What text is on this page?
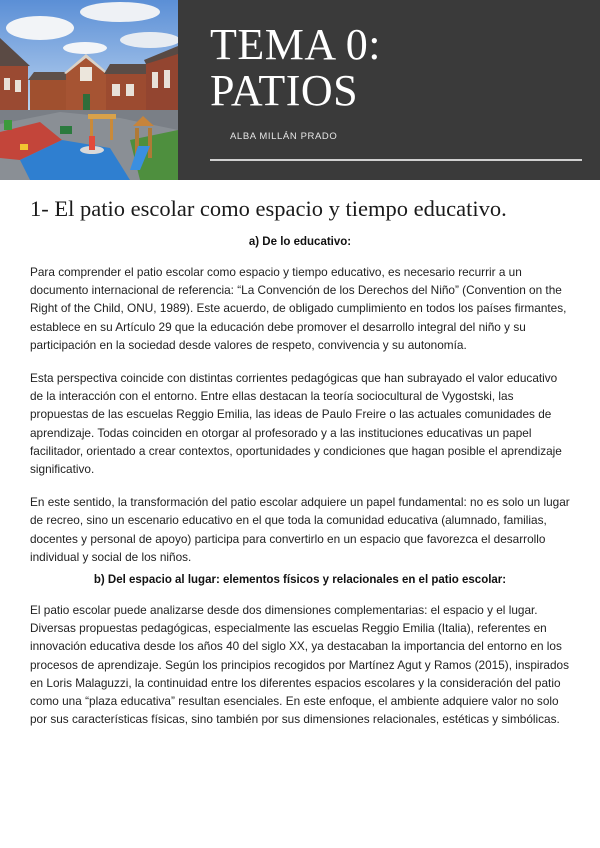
TEMA 0:
PATIOS
ALBA MILLÁN PRADO
1- El patio escolar como espacio y tiempo educativo.
a) De lo educativo:

Para comprender el patio escolar como espacio y tiempo educativo, es necesario recurrir a un documento internacional de referencia: “La Convención de los Derechos del Niño” (Convention on the Right of the Child, ONU, 1989). Este acuerdo, de obligado cumplimiento en todos los países firmantes, establece en su Artículo 29 que la educación debe promover el desarrollo integral del niño y su participación en la sociedad desde valores de respeto, convivencia y su autonomía.

Esta perspectiva coincide con distintas corrientes pedagógicas que han subrayado el valor educativo de la interacción con el entorno. Entre ellas destacan la teoría sociocultural de Vygostski, las propuestas de las escuelas Reggio Emilia, las ideas de Paulo Freire o las actuales comunidades de aprendizaje. Todas coinciden en otorgar al profesorado y a las instituciones educativas un papel facilitador, orientado a crear contextos, oportunidades y condiciones que hagan posible el aprendizaje significativo.

En este sentido, la transformación del patio escolar adquiere un papel fundamental: no es solo un lugar de recreo, sino un escenario educativo en el que toda la comunidad educativa (alumnado, familias, docentes y personal de apoyo) participa para convertirlo en un espacio que favorezca el desarrollo individual y social de los niños.

b) Del espacio al lugar: elementos físicos y relacionales en el patio escolar:

El patio escolar puede analizarse desde dos dimensiones complementarias: el espacio y el lugar. Diversas propuestas pedagógicas, especialmente las escuelas Reggio Emilia (Italia), referentes en innovación educativa desde los años 40 del siglo XX, ya destacaban la importancia del entorno en los procesos de aprendizaje. Según los principios recogidos por Martínez Agut y Ramos (2015), inspirados en Loris Malaguzzi, la continuidad entre los diferentes espacios escolares y la consideración del patio como una “plaza educativa” resultan esenciales. En este enfoque, el ambiente adquiere valor no solo por sus características físicas, sino también por sus dimensiones relacionales, estéticas y simbólicas.
